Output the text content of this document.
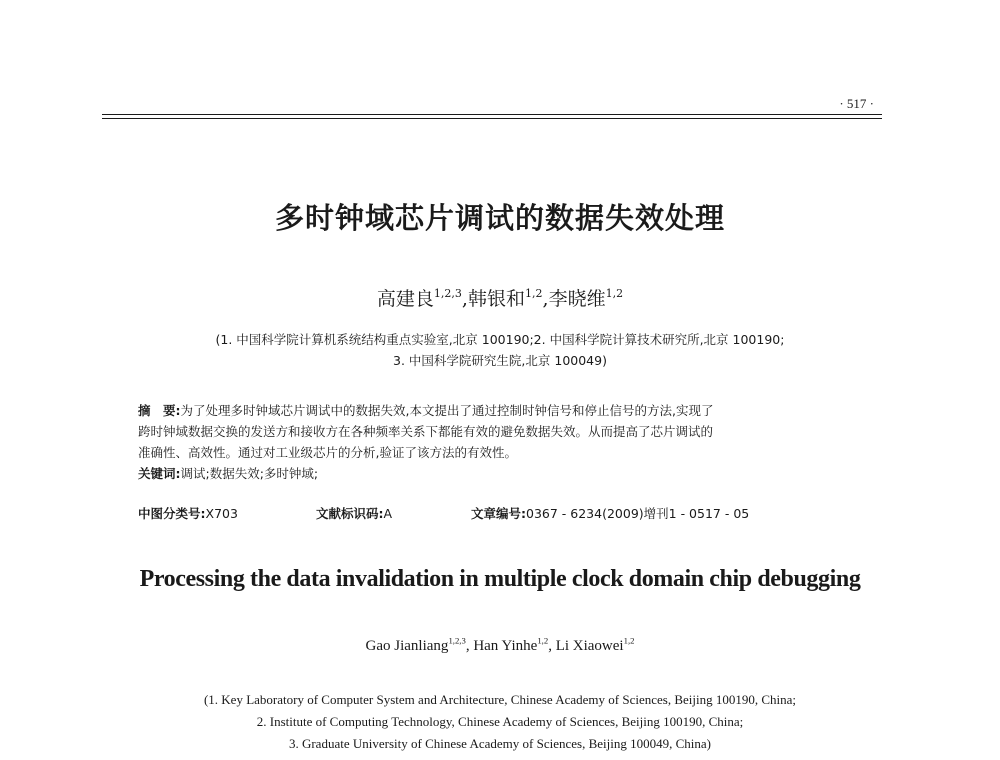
· 517 ·
多时钟域芯片调试的数据失效处理
高建良$^{1,2,3}$,韩银和$^{1,2}$,李晓维$^{1,2}$
(1. 中国科学院计算机系统结构重点实验室,北京 100190;2. 中国科学院计算技术研究所,北京 100190;
3. 中国科学院研究生院,北京 100049)
摘　要:为了处理多时钟域芯片调试中的数据失效,本文提出了通过控制时钟信号和停止信号的方法,实现了
跨时钟域数据交换的发送方和接收方在各种频率关系下都能有效的避免数据失效。从而提高了芯片调试的
准确性、高效性。通过对工业级芯片的分析,验证了该方法的有效性。
关键词:调试;数据失效;多时钟域;
中图分类号:X703	文献标识码:A	文章编号:0367 - 6234(2009)增刊1 - 0517 - 05
Processing the data invalidation in multiple clock domain chip debugging
Gao Jianliang$^{1,2,3}$, Han Yinhe$^{1,2}$, Li Xiaowei$^{1,2}$
(1. Key Laboratory of Computer System and Architecture, Chinese Academy of Sciences, Beijing 100190, China;
2. Institute of Computing Technology, Chinese Academy of Sciences, Beijing 100190, China;
3. Graduate University of Chinese Academy of Sciences, Beijing 100049, China)
